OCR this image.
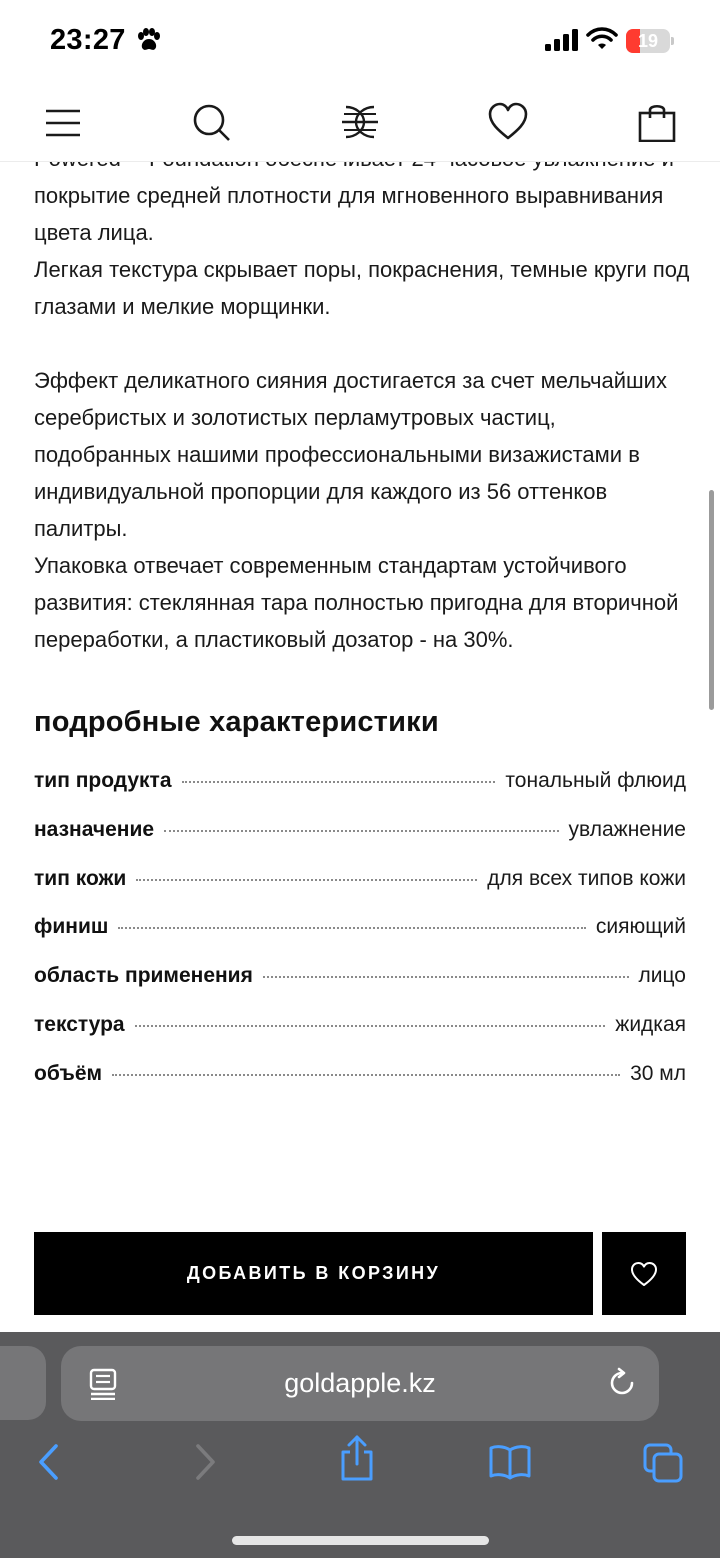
23:27	19

покрытие средней плотности для мгновенного выравнивания цвета лица.

Легкая текстура скрывает поры, покраснения, темные круги под глазами и мелкие морщинки.

Эффект деликатного сияния достигается за счет мельчайших серебристых и золотистых перламутровых частиц, подобранных нашими профессиональными визажистами в индивидуальной пропорции для каждого из 56 оттенков палитры.

Упаковка отвечает современным стандартам устойчивого развития: стеклянная тара полностью пригодна для вторичной переработки, а пластиковый дозатор - на 30%.

подробные характеристики
тип продукта	тональный флюид
назначение	увлажнение
тип кожи	для всех типов кожи
финиш	сияющий
область применения	лицо
текстура	жидкая
объём	30 мл
ДОБАВИТЬ В КОРЗИНУ
goldapple.kz
